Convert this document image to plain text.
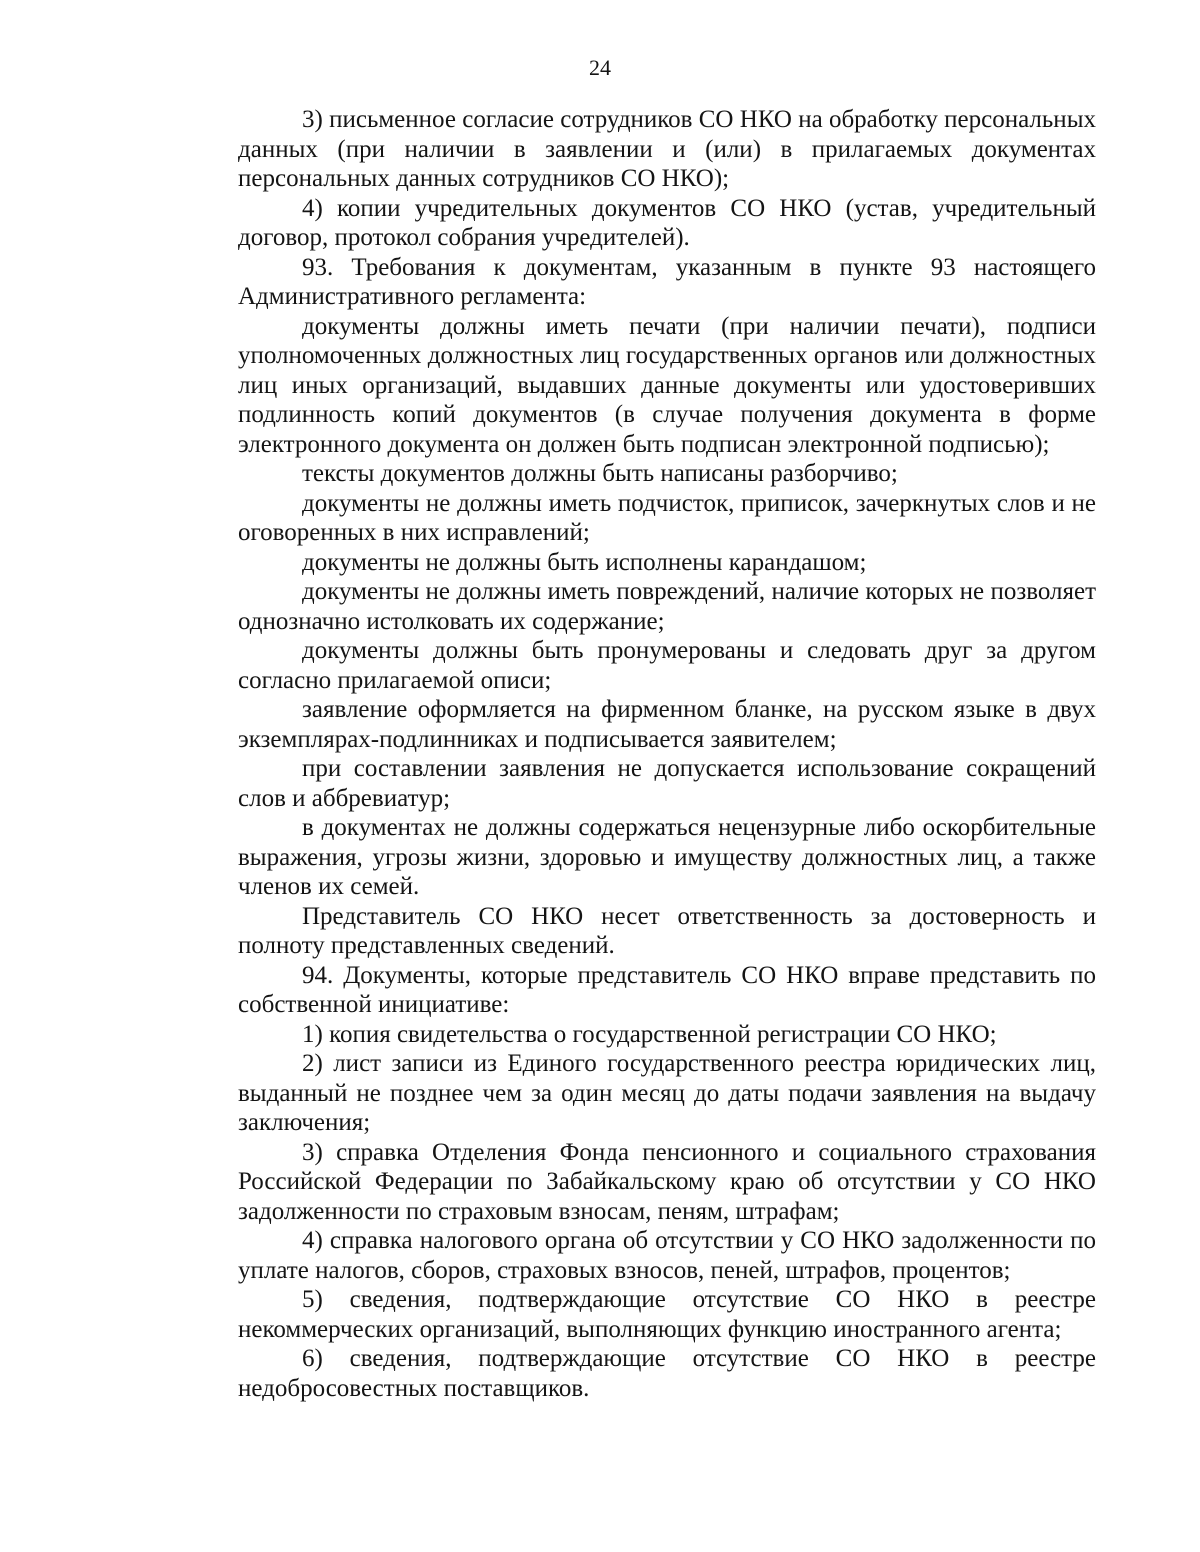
24

3) письменное согласие сотрудников СО НКО на обработку персональных данных (при наличии в заявлении и (или) в прилагаемых документах персональных данных сотрудников СО НКО);

4) копии учредительных документов СО НКО (устав, учредительный договор, протокол собрания учредителей).

93. Требования к документам, указанным в пункте 93 настоящего Административного регламента:

документы должны иметь печати (при наличии печати), подписи уполномоченных должностных лиц государственных органов или должностных лиц иных организаций, выдавших данные документы или удостоверивших подлинность копий документов (в случае получения документа в форме электронного документа он должен быть подписан электронной подписью);

тексты документов должны быть написаны разборчиво;

документы не должны иметь подчисток, приписок, зачеркнутых слов и не оговоренных в них исправлений;

документы не должны быть исполнены карандашом;

документы не должны иметь повреждений, наличие которых не позволяет однозначно истолковать их содержание;

документы должны быть пронумерованы и следовать друг за другом согласно прилагаемой описи;

заявление оформляется на фирменном бланке, на русском языке в двух экземплярах-подлинниках и подписывается заявителем;

при составлении заявления не допускается использование сокращений слов и аббревиатур;

в документах не должны содержаться нецензурные либо оскорбительные выражения, угрозы жизни, здоровью и имуществу должностных лиц, а также членов их семей.

Представитель СО НКО несет ответственность за достоверность и полноту представленных сведений.

94. Документы, которые представитель СО НКО вправе представить по собственной инициативе:

1) копия свидетельства о государственной регистрации СО НКО;

2) лист записи из Единого государственного реестра юридических лиц, выданный не позднее чем за один месяц до даты подачи заявления на выдачу заключения;

3) справка Отделения Фонда пенсионного и социального страхования Российской Федерации по Забайкальскому краю об отсутствии у СО НКО задолженности по страховым взносам, пеням, штрафам;

4) справка налогового органа об отсутствии у СО НКО задолженности по уплате налогов, сборов, страховых взносов, пеней, штрафов, процентов;

5) сведения, подтверждающие отсутствие СО НКО в реестре некоммерческих организаций, выполняющих функцию иностранного агента;

6) сведения, подтверждающие отсутствие СО НКО в реестре недобросовестных поставщиков.
